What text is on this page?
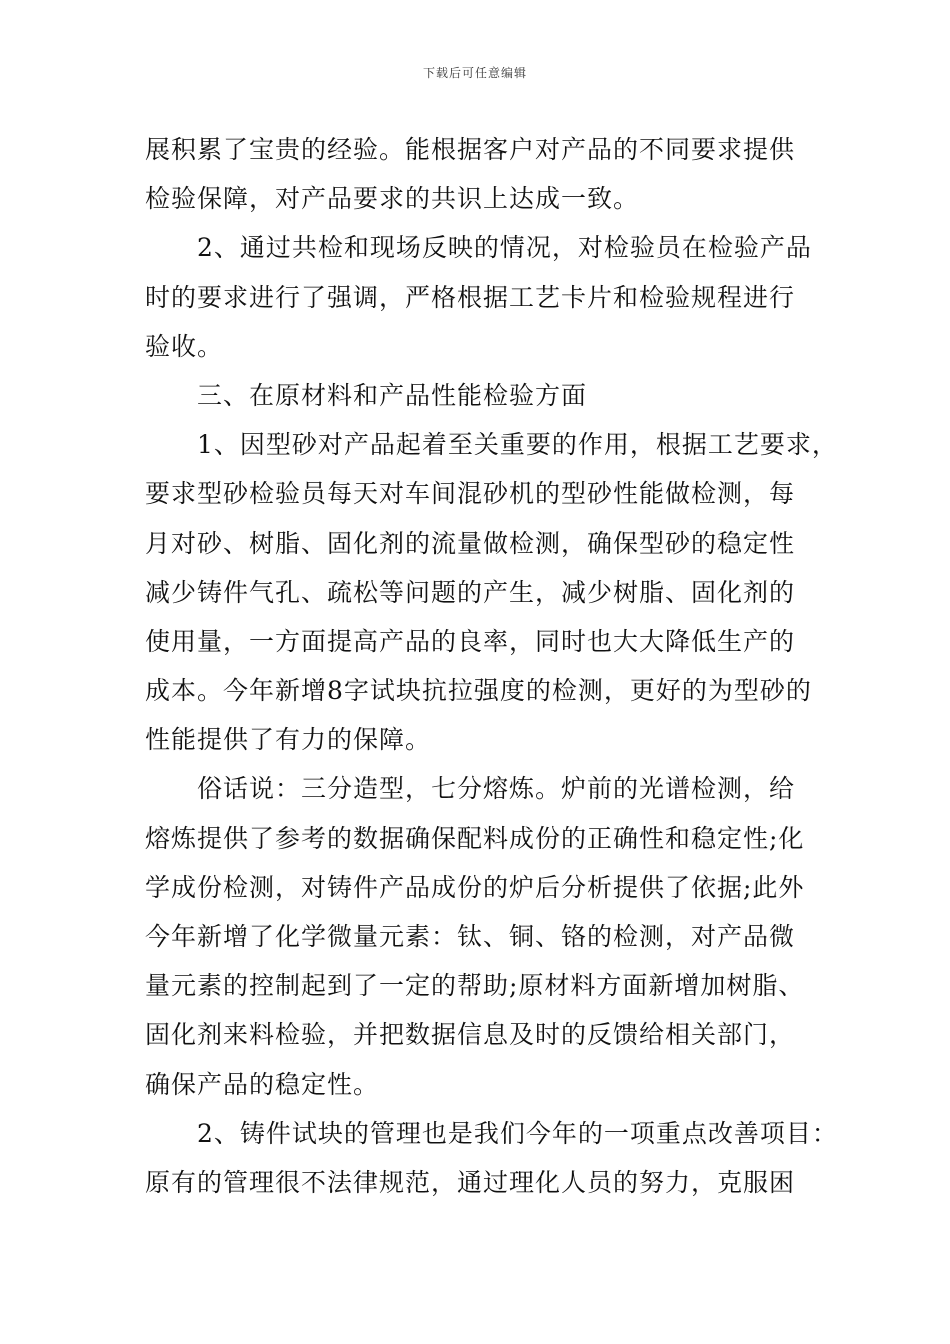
下载后可任意编辑
展积累了宝贵的经验。能根据客户对产品的不同要求提供
检验保障，对产品要求的共识上达成一致。
　　2、通过共检和现场反映的情况，对检验员在检验产品
时的要求进行了强调，严格根据工艺卡片和检验规程进行
验收。
　　三、在原材料和产品性能检验方面
　　1、因型砂对产品起着至关重要的作用，根据工艺要求，
要求型砂检验员每天对车间混砂机的型砂性能做检测，每
月对砂、树脂、固化剂的流量做检测，确保型砂的稳定性
减少铸件气孔、疏松等问题的产生，减少树脂、固化剂的
使用量，一方面提高产品的良率，同时也大大降低生产的
成本。今年新增8字试块抗拉强度的检测，更好的为型砂的
性能提供了有力的保障。
　　俗话说：三分造型，七分熔炼。炉前的光谱检测，给
熔炼提供了参考的数据确保配料成份的正确性和稳定性;化
学成份检测，对铸件产品成份的炉后分析提供了依据;此外
今年新增了化学微量元素：钛、铜、铬的检测，对产品微
量元素的控制起到了一定的帮助;原材料方面新增加树脂、
固化剂来料检验，并把数据信息及时的反馈给相关部门，
确保产品的稳定性。
　　2、铸件试块的管理也是我们今年的一项重点改善项目：
原有的管理很不法律规范，通过理化人员的努力，克服困
